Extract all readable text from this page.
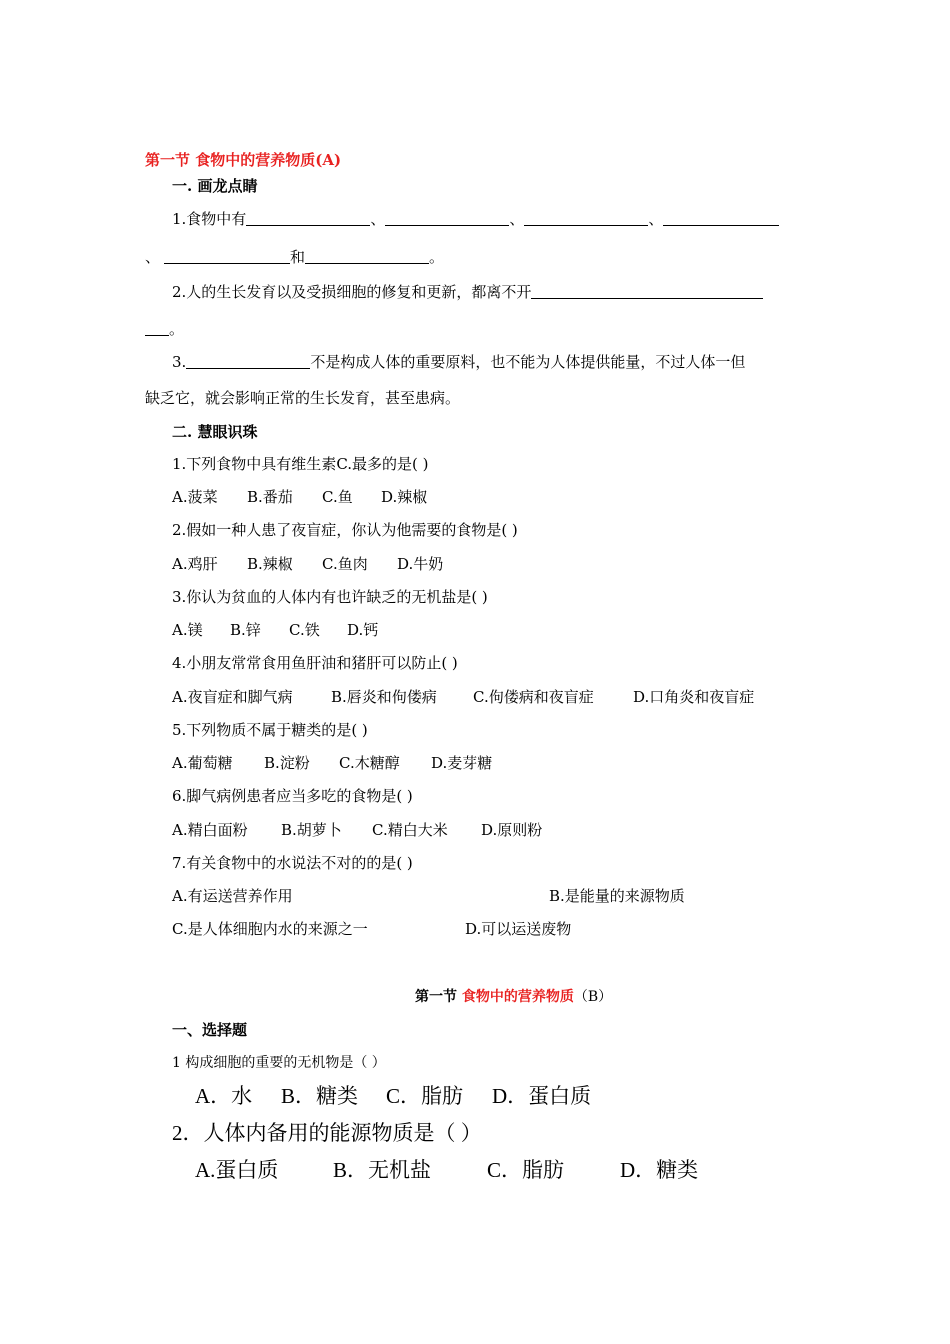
第一节 食物中的营养物质(A)
一. 画龙点睛
1.食物中有	、	、	、
、	和	。
2.人的生长发育以及受损细胞的修复和更新，都离不开
。
3.	不是构成人体的重要原料，也不能为人体提供能量，不过人体一但
缺乏它，就会影响正常的生长发育，甚至患病。
二. 慧眼识珠
1.下列食物中具有维生素C.最多的是( )
A.菠菜 B.番茄 C.鱼 D.辣椒
2.假如一种人患了夜盲症，你认为他需要的食物是( )
A.鸡肝 B.辣椒 C.鱼肉 D.牛奶
3.你认为贫血的人体内有也许缺乏的无机盐是( )
A.镁 B.锌 C.铁 D.钙
4.小朋友常常食用鱼肝油和猪肝可以防止( )
A.夜盲症和脚气病	B.唇炎和佝偻病 C.佝偻病和夜盲症	D.口角炎和夜盲症
5.下列物质不属于糖类的是( )
A.葡萄糖 B.淀粉 C.木糖醇 D.麦芽糖
6.脚气病例患者应当多吃的食物是( )
A.精白面粉 B.胡萝卜 C.精白大米 D.原则粉
7.有关食物中的水说法不对的的是( )
A.有运送营养作用	B.是能量的来源物质
C.是人体细胞内水的来源之一	D.可以运送废物
第一节 食物中的营养物质（B）
一、选择题
1 构成细胞的重要的无机物是（ ）
A．水 B．糖类 C．脂肪 D．蛋白质
2．人体内备用的能源物质是（ ）
A.蛋白质	B．无机盐	C．脂肪	D．糖类
